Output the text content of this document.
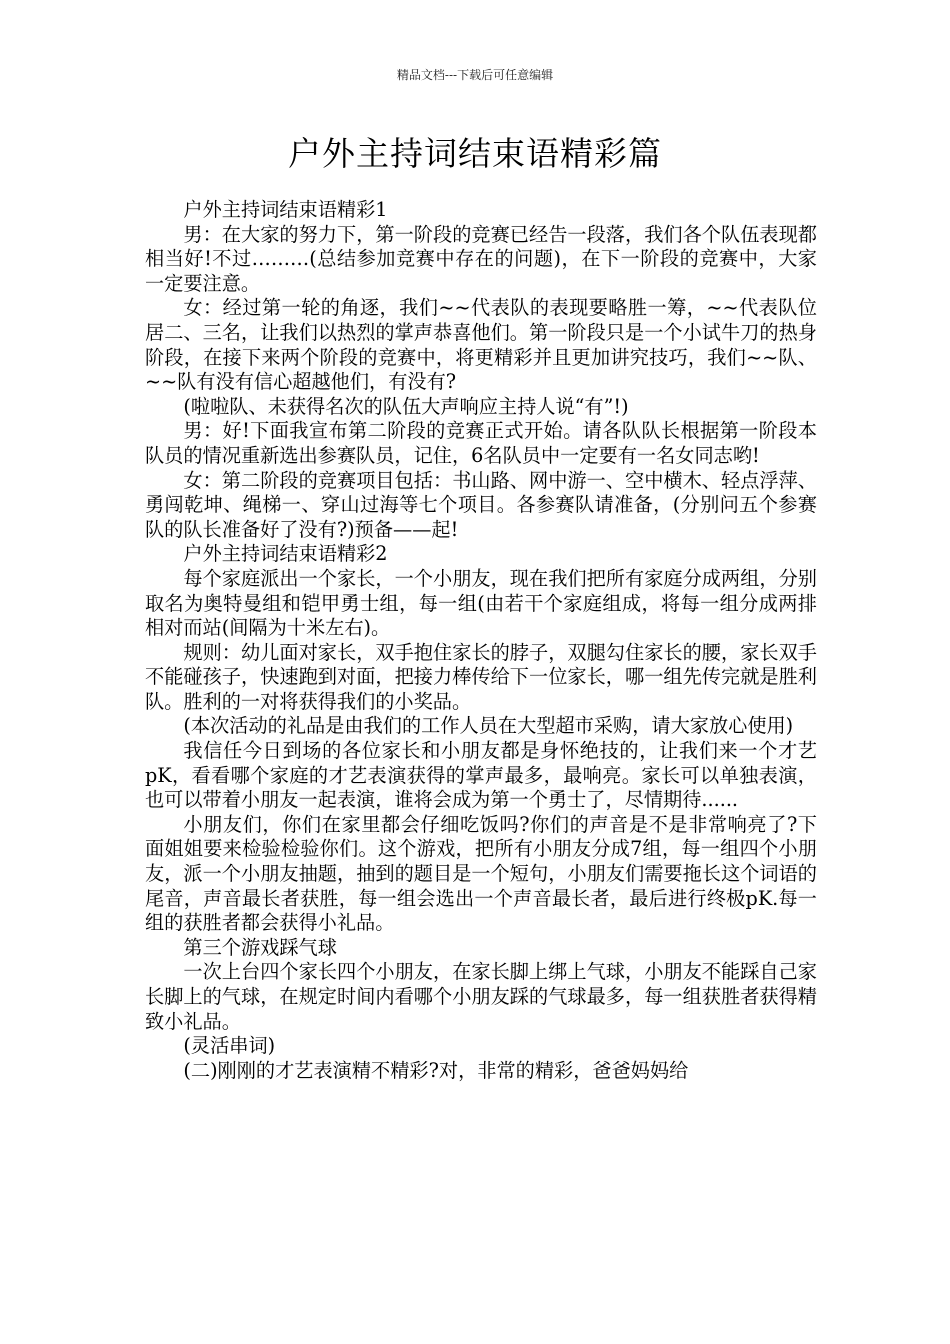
精品文档---下载后可任意编辑
户外主持词结束语精彩篇

户外主持词结束语精彩1

男：在大家的努力下，第一阶段的竞赛已经告一段落，我们各个队伍表现都相当好!不过………(总结参加竞赛中存在的问题)，在下一阶段的竞赛中，大家一定要注意。

女：经过第一轮的角逐，我们~~代表队的表现要略胜一筹，~~代表队位居二、三名，让我们以热烈的掌声恭喜他们。第一阶段只是一个小试牛刀的热身阶段，在接下来两个阶段的竞赛中，将更精彩并且更加讲究技巧，我们~~队、~~队有没有信心超越他们，有没有?

(啦啦队、未获得名次的队伍大声响应主持人说“有”!)

男：好!下面我宣布第二阶段的竞赛正式开始。请各队队长根据第一阶段本队员的情况重新选出参赛队员，记住，6名队员中一定要有一名女同志哟!

女：第二阶段的竞赛项目包括：书山路、网中游一、空中横木、轻点浮萍、勇闯乾坤、绳梯一、穿山过海等七个项目。各参赛队请准备，(分别问五个参赛队的队长准备好了没有?)预备——起!

户外主持词结束语精彩2

每个家庭派出一个家长，一个小朋友，现在我们把所有家庭分成两组，分别取名为奥特曼组和铠甲勇士组，每一组(由若干个家庭组成，将每一组分成两排相对而站(间隔为十米左右)。

规则：幼儿面对家长，双手抱住家长的脖子，双腿勾住家长的腰，家长双手不能碰孩子，快速跑到对面，把接力棒传给下一位家长，哪一组先传完就是胜利队。胜利的一对将获得我们的小奖品。

(本次活动的礼品是由我们的工作人员在大型超市采购，请大家放心使用)

我信任今日到场的各位家长和小朋友都是身怀绝技的，让我们来一个才艺pK，看看哪个家庭的才艺表演获得的掌声最多，最响亮。家长可以单独表演，也可以带着小朋友一起表演，谁将会成为第一个勇士了，尽情期待......

小朋友们，你们在家里都会仔细吃饭吗?你们的声音是不是非常响亮了?下面姐姐要来检验检验你们。这个游戏，把所有小朋友分成7组，每一组四个小朋友，派一个小朋友抽题，抽到的题目是一个短句，小朋友们需要拖长这个词语的尾音，声音最长者获胜，每一组会选出一个声音最长者，最后进行终极pK.每一组的获胜者都会获得小礼品。

第三个游戏踩气球

一次上台四个家长四个小朋友，在家长脚上绑上气球，小朋友不能踩自己家长脚上的气球，在规定时间内看哪个小朋友踩的气球最多，每一组获胜者获得精致小礼品。

(灵活串词)

(二)刚刚的才艺表演精不精彩?对，非常的精彩，爸爸妈妈给
